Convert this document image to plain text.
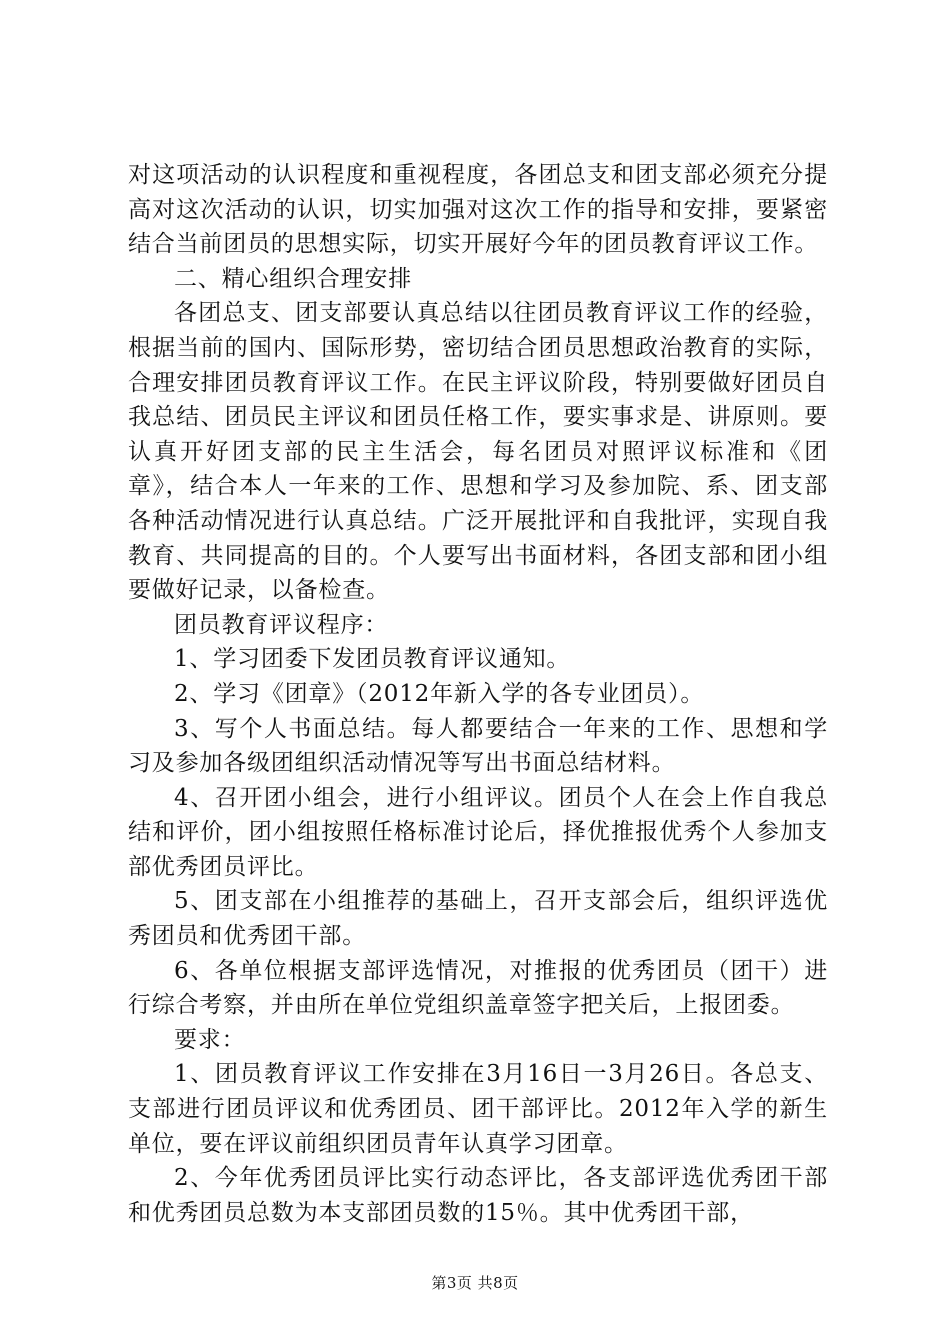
对这项活动的认识程度和重视程度，各团总支和团支部必须充分提高对这次活动的认识，切实加强对这次工作的指导和安排，要紧密结合当前团员的思想实际，切实开展好今年的团员教育评议工作。

二、精心组织合理安排

各团总支、团支部要认真总结以往团员教育评议工作的经验，根据当前的国内、国际形势，密切结合团员思想政治教育的实际，合理安排团员教育评议工作。在民主评议阶段，特别要做好团员自我总结、团员民主评议和团员任格工作，要实事求是、讲原则。要认真开好团支部的民主生活会，每名团员对照评议标准和《团章》，结合本人一年来的工作、思想和学习及参加院、系、团支部各种活动情况进行认真总结。广泛开展批评和自我批评，实现自我教育、共同提高的目的。个人要写出书面材料，各团支部和团小组要做好记录，以备检查。

团员教育评议程序：

1、学习团委下发团员教育评议通知。

2、学习《团章》（2012年新入学的各专业团员）。

3、写个人书面总结。每人都要结合一年来的工作、思想和学习及参加各级团组织活动情况等写出书面总结材料。

4、召开团小组会，进行小组评议。团员个人在会上作自我总结和评价，团小组按照任格标准讨论后，择优推报优秀个人参加支部优秀团员评比。

5、团支部在小组推荐的基础上，召开支部会后，组织评选优秀团员和优秀团干部。

6、各单位根据支部评选情况，对推报的优秀团员（团干）进行综合考察，并由所在单位党组织盖章签字把关后，上报团委。

要求：

1、团员教育评议工作安排在3月16日一3月26日。各总支、支部进行团员评议和优秀团员、团干部评比。2012年入学的新生单位，要在评议前组织团员青年认真学习团章。

2、今年优秀团员评比实行动态评比，各支部评选优秀团干部和优秀团员总数为本支部团员数的15％。其中优秀团干部，

第3页 共8页
